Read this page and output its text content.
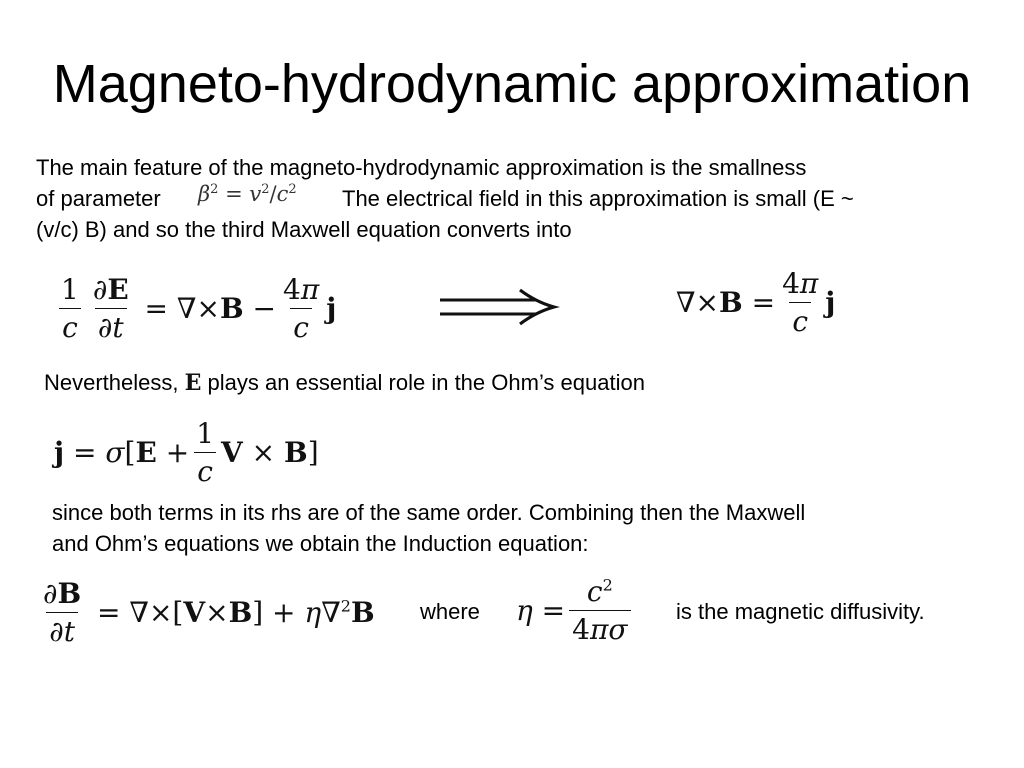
Magneto-hydrodynamic approximation
The main feature of the magneto-hydrodynamic approximation is the smallness
of parameter $\beta^2 = v^2/c^2$ The electrical field in this approximation is small (E ~
(v/c) B) and so the third Maxwell equation converts into
$\frac{1}{c} \frac{\partial E}{\partial t} = \nabla\times B - \frac{4\pi}{c}$ j	$\nabla\times B = \frac{4\pi}{c}$ j
Nevertheless, E plays an essential role in the Ohm’s equation
$j = \sigma[E + \frac{1}{c}$ V × B]
since both terms in its rhs are of the same order. Combining then the Maxwell
and Ohm’s equations we obtain the Induction equation:
$\frac{\partial B}{\partial t} = \nabla\times[V\times B] + \eta\nabla^2B$ where $\eta = \frac{c^2}{4\pi\sigma}$ is the magnetic diffusivity.
